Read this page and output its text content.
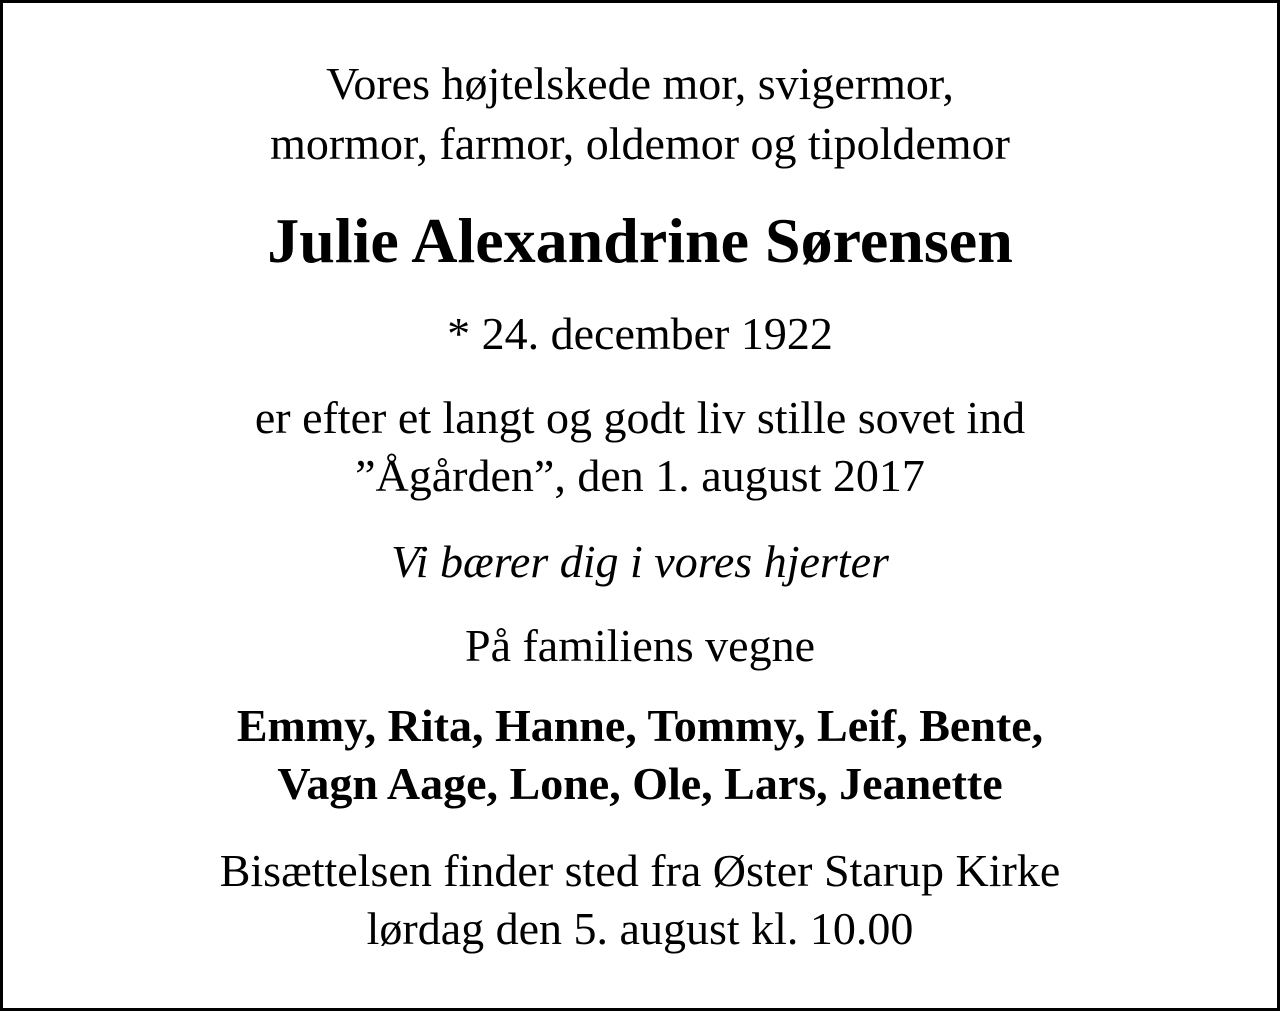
Vores højtelskede mor, svigermor,
mormor, farmor, oldemor og tipoldemor
Julie Alexandrine Sørensen
* 24. december 1922
er efter et langt og godt liv stille sovet ind
”Ågården”, den 1. august 2017
Vi bærer dig i vores hjerter
På familiens vegne
Emmy, Rita, Hanne, Tommy, Leif, Bente,
Vagn Aage, Lone, Ole, Lars, Jeanette
Bisættelsen finder sted fra Øster Starup Kirke
lørdag den 5. august kl. 10.00
